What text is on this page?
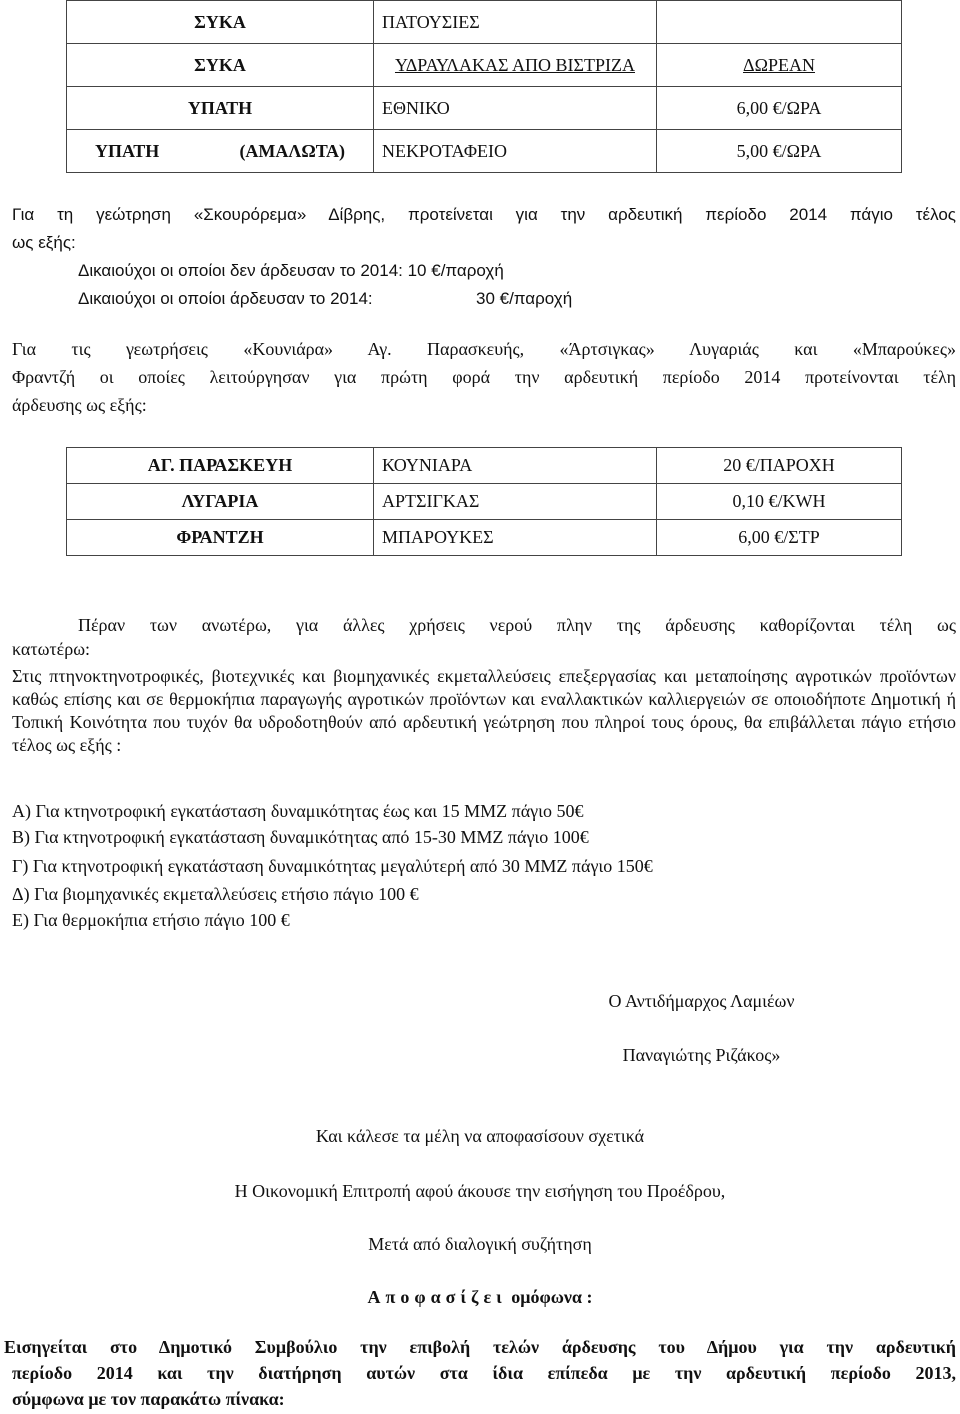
ΣΥΚΑ	ΠΑΤΟΥΣΙΕΣ	
ΣΥΚΑ	ΥΔΡΑΥΛΑΚΑΣ ΑΠΟ ΒΙΣΤΡΙΖΑ	ΔΩΡΕΑΝ
ΥΠΑΤΗ	ΕΘΝΙΚΟ	6,00 €/ΩΡΑ

ΥΠΑΤΗ (ΑΜΑΛΩΤΑ)	ΝΕΚΡΟΤΑΦΕΙΟ	5,00 €/ΩΡΑ
Για τη γεώτρηση «Σκουρόρεμα» Δίβρης, προτείνεται για την αρδευτική περίοδο 2014 πάγιο τέλος
ως εξής:
Δικαιούχοι οι οποίοι δεν άρδευσαν το 2014: 10 €/παροχή
Δικαιούχοι οι οποίοι άρδευσαν το 2014:	30 €/παροχή
Για τις γεωτρήσεις «Κουνιάρα» Αγ. Παρασκευής, «Άρτσιγκας» Λυγαριάς και «Μπαρούκες»
Φραντζή οι οποίες λειτούργησαν για πρώτη φορά την αρδευτική περίοδο 2014 προτείνονται τέλη
άρδευσης ως εξής:
ΑΓ. ΠΑΡΑΣΚΕΥΗ	ΚΟΥΝΙΑΡΑ	20 €/ΠΑΡΟΧΗ
ΛΥΓΑΡΙΑ	ΑΡΤΣΙΓΚΑΣ	0,10 €/KWH
ΦΡΑΝΤΖΗ	ΜΠΑΡΟΥΚΕΣ	6,00 €/ΣΤΡ
Πέραν των ανωτέρω, για άλλες χρήσεις νερού πλην της άρδευσης καθορίζονται τέλη ως
κατωτέρω:
Στις πτηνοκτηνοτροφικές, βιοτεχνικές και βιομηχανικές εκμεταλλεύσεις επεξεργασίας και μεταποίησης αγροτικών προϊόντων καθώς επίσης και σε θερμοκήπια παραγωγής αγροτικών προϊόντων και εναλλακτικών καλλιεργειών σε οποιοδήποτε Δημοτική ή Τοπική Κοινότητα που τυχόν θα υδροδοτηθούν από αρδευτική γεώτρηση που πληροί τους όρους, θα επιβάλλεται πάγιο ετήσιο τέλος ως εξής :
Α) Για κτηνοτροφική εγκατάσταση δυναμικότητας έως και 15 ΜΜΖ πάγιο 50€
Β) Για κτηνοτροφική εγκατάσταση δυναμικότητας από 15-30 ΜΜΖ πάγιο 100€
Γ) Για κτηνοτροφική εγκατάσταση δυναμικότητας μεγαλύτερή από 30 ΜΜΖ πάγιο 150€
Δ) Για βιομηχανικές εκμεταλλεύσεις ετήσιο πάγιο 100 €
Ε) Για θερμοκήπια ετήσιο πάγιο 100 €
Ο Αντιδήμαρχος Λαμιέων
Παναγιώτης Ριζάκος»
Και κάλεσε τα μέλη να αποφασίσουν σχετικά
Η Οικονομική Επιτροπή αφού άκουσε την εισήγηση του Προέδρου,
Μετά από διαλογική συζήτηση
Αποφασίζει ομόφωνα :
Εισηγείται στο Δημοτικό Συμβούλιο την επιβολή τελών άρδευσης του Δήμου για την αρδευτική
περίοδο 2014 και την διατήρηση αυτών στα ίδια επίπεδα με την αρδευτική περίοδο 2013,
σύμφωνα με τον παρακάτω πίνακα:
